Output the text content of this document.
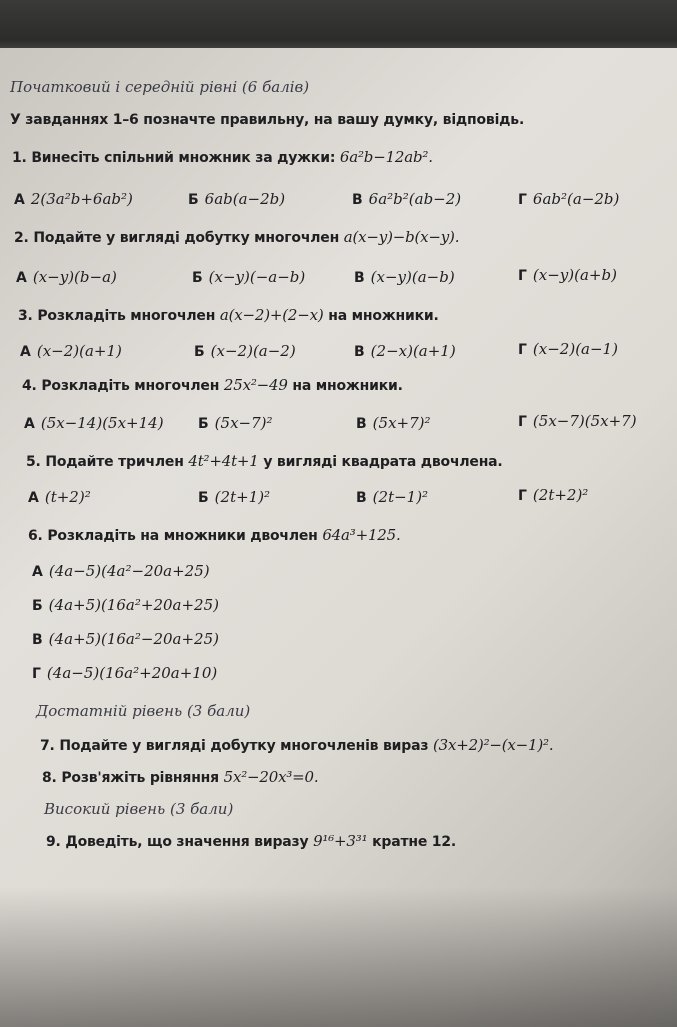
Початковий і середній рівні (6 балів)
У завданнях 1–6 позначте правильну, на вашу думку, відповідь.
1. Винесіть спільний множник за дужки: 6a²b−12ab².
А 2(3a²b+6ab²)	Б 6ab(a−2b)	В 6a²b²(ab−2)	Г 6ab²(a−2b)
2. Подайте у вигляді добутку многочлен a(x−y)−b(x−y).
А (x−y)(b−a)	Б (x−y)(−a−b)	В (x−y)(a−b)	Г (x−y)(a+b)
3. Розкладіть многочлен a(x−2)+(2−x) на множники.
А (x−2)(a+1)	Б (x−2)(a−2)	В (2−x)(a+1)	Г (x−2)(a−1)
4. Розкладіть многочлен 25x²−49 на множники.
А (5x−14)(5x+14) Б (5x−7)²	В (5x+7)²	Г (5x−7)(5x+7)
5. Подайте тричлен 4t²+4t+1 у вигляді квадрата двочлена.
А (t+2)²	Б (2t+1)²	В (2t−1)²	Г (2t+2)²
6. Розкладіть на множники двочлен 64a³+125.
А (4a−5)(4a²−20a+25)
Б (4a+5)(16a²+20a+25)
В (4a+5)(16a²−20a+25)
Г (4a−5)(16a²+20a+10)
Достатній рівень (3 бали)
7. Подайте у вигляді добутку многочленів вираз (3x+2)²−(x−1)².
8. Розв'яжіть рівняння 5x²−20x³=0.
Високий рівень (3 бали)
9. Доведіть, що значення виразу 9¹⁶+3³¹ кратне 12.
